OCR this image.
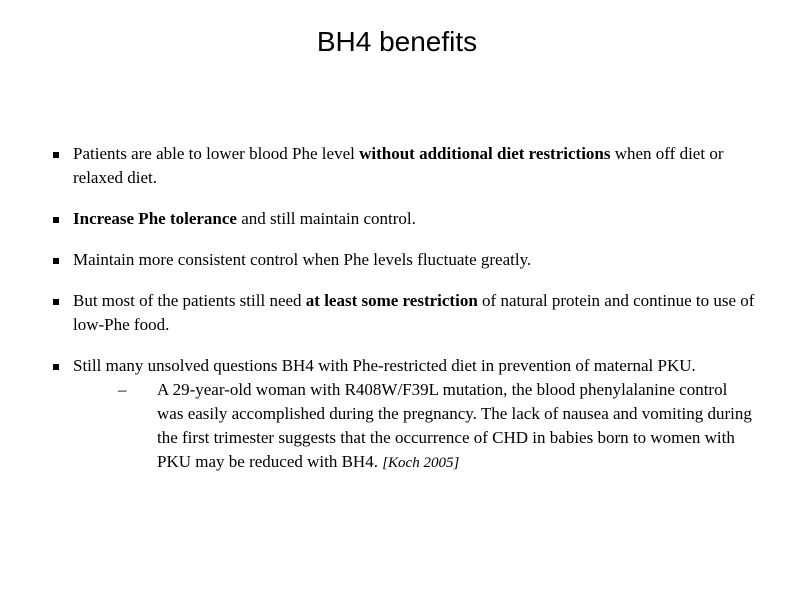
BH4 benefits
Patients are able to lower blood Phe level without additional diet restrictions when off diet or relaxed diet.
Increase Phe tolerance and still maintain control.
Maintain more consistent control when Phe levels fluctuate greatly.
But most of the patients still need at least some restriction of natural protein and continue to use of low-Phe food.
Still many unsolved questions BH4 with Phe-restricted diet in prevention of maternal PKU.
– A 29-year-old woman with R408W/F39L mutation, the blood phenylalanine control was easily accomplished during the pregnancy. The lack of nausea and vomiting during the first trimester suggests that the occurrence of CHD in babies born to women with PKU may be reduced with BH4. [Koch 2005]
